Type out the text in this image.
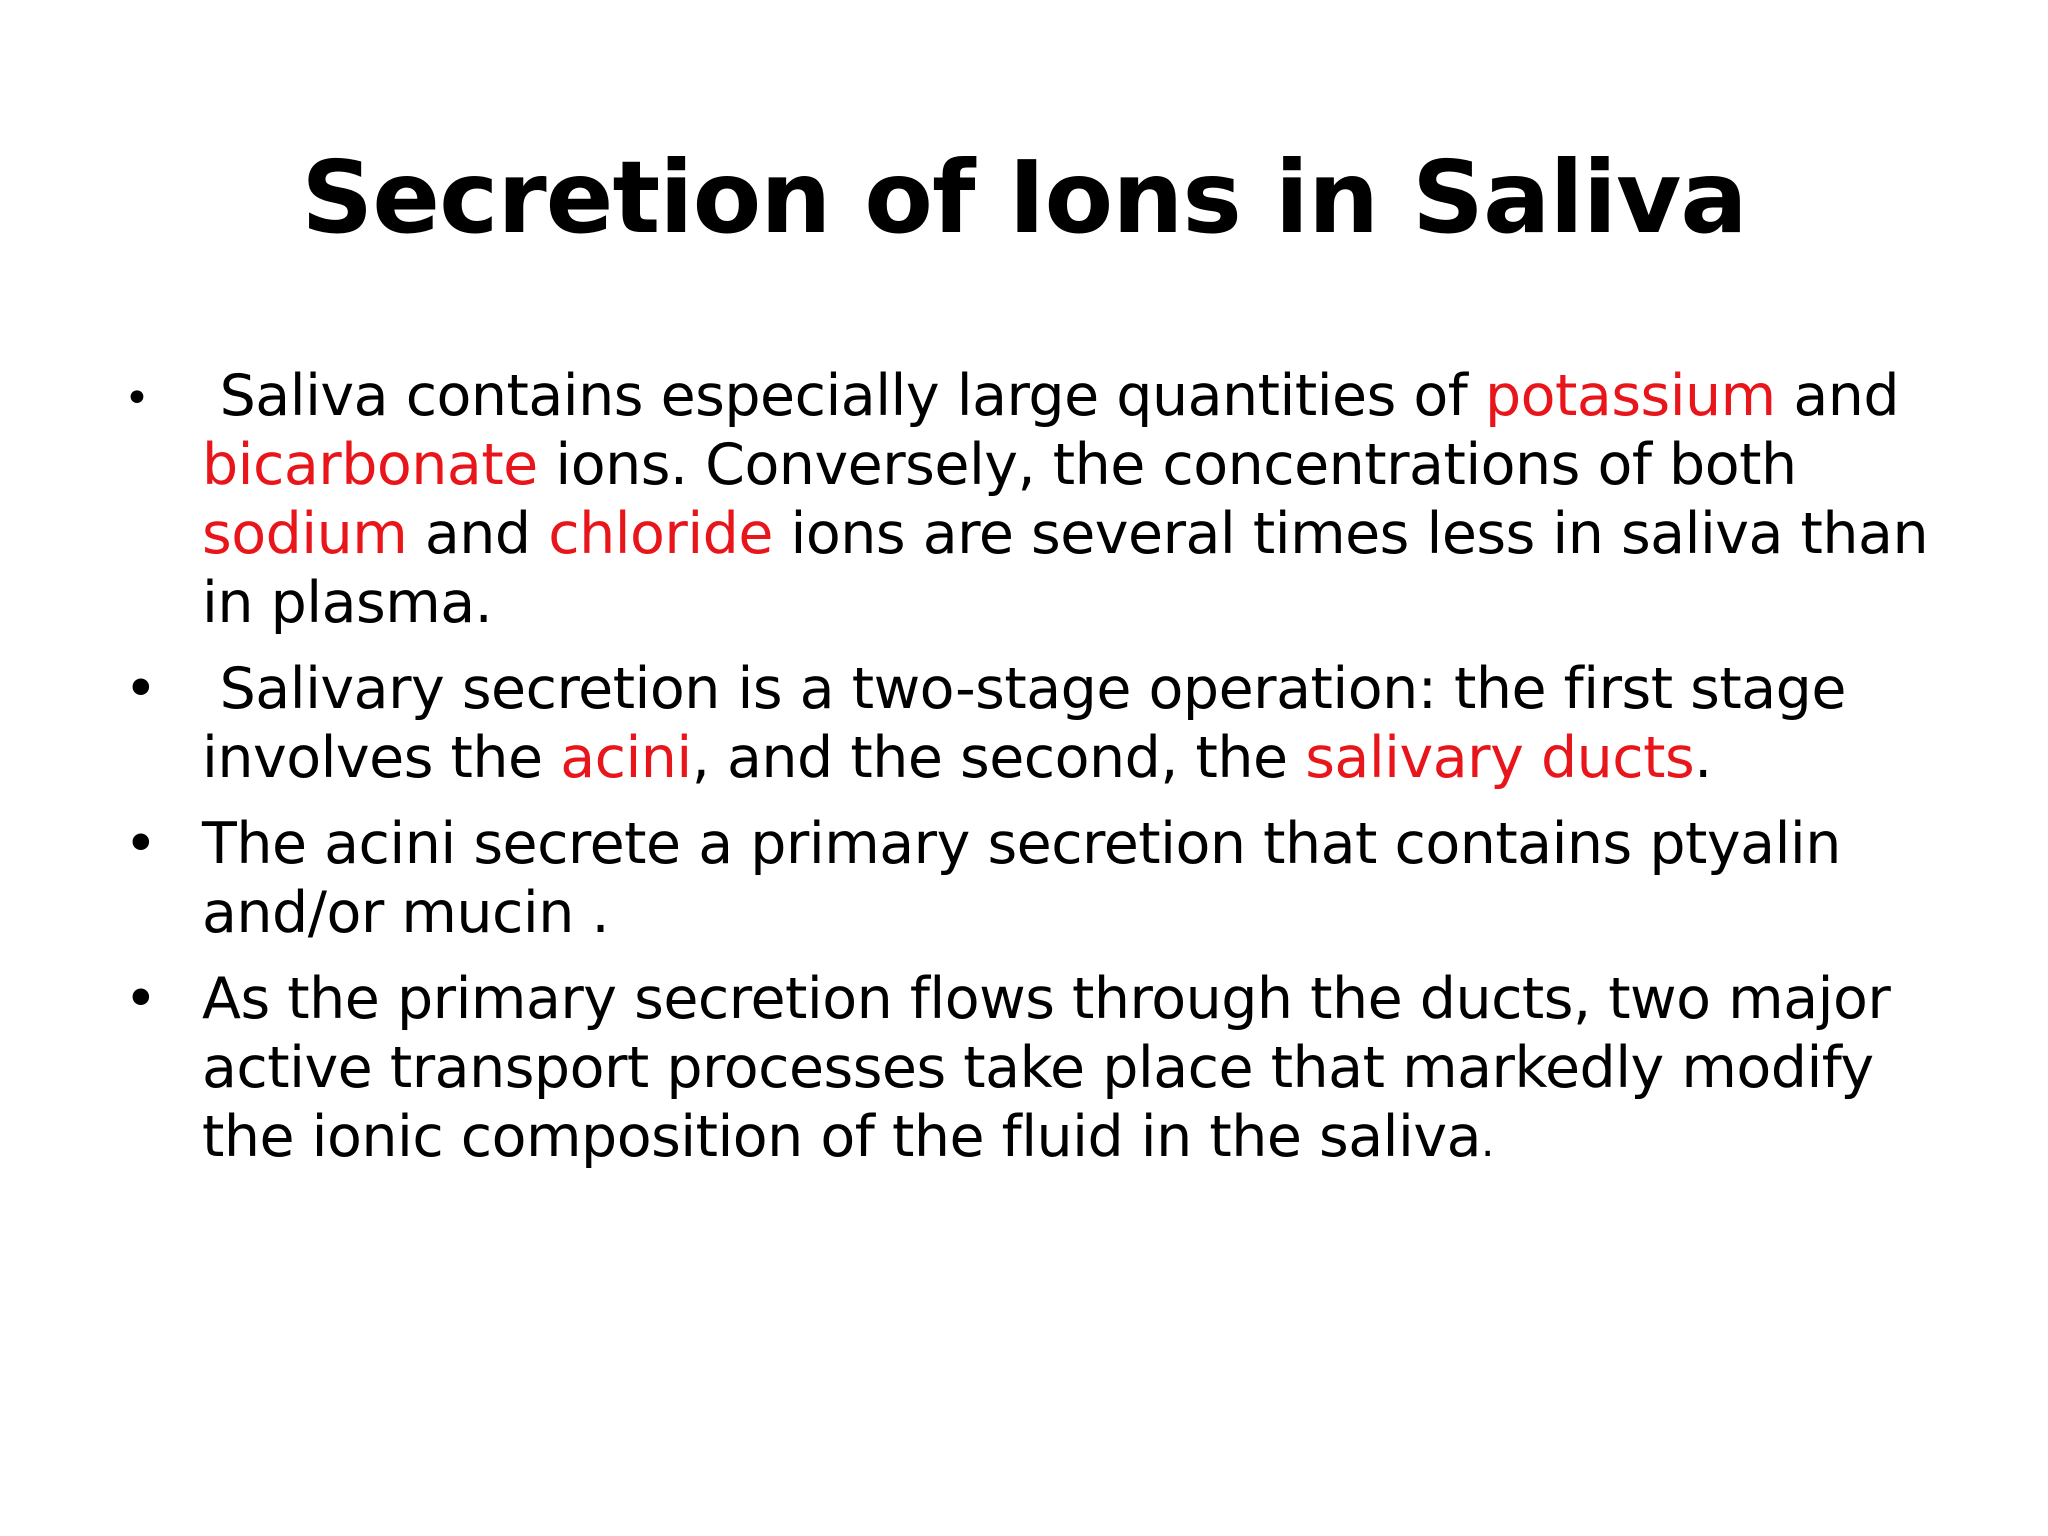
Secretion of Ions in Saliva
• Saliva contains especially large quantities of potassium and bicarbonate ions. Conversely, the concentrations of both sodium and chloride ions are several times less in saliva than in plasma.
• Salivary secretion is a two-stage operation: the first stage involves the acini, and the second, the salivary ducts.
• The acini secrete a primary secretion that contains ptyalin and/or mucin .
• As the primary secretion flows through the ducts, two major active transport processes take place that markedly modify the ionic composition of the fluid in the saliva.
